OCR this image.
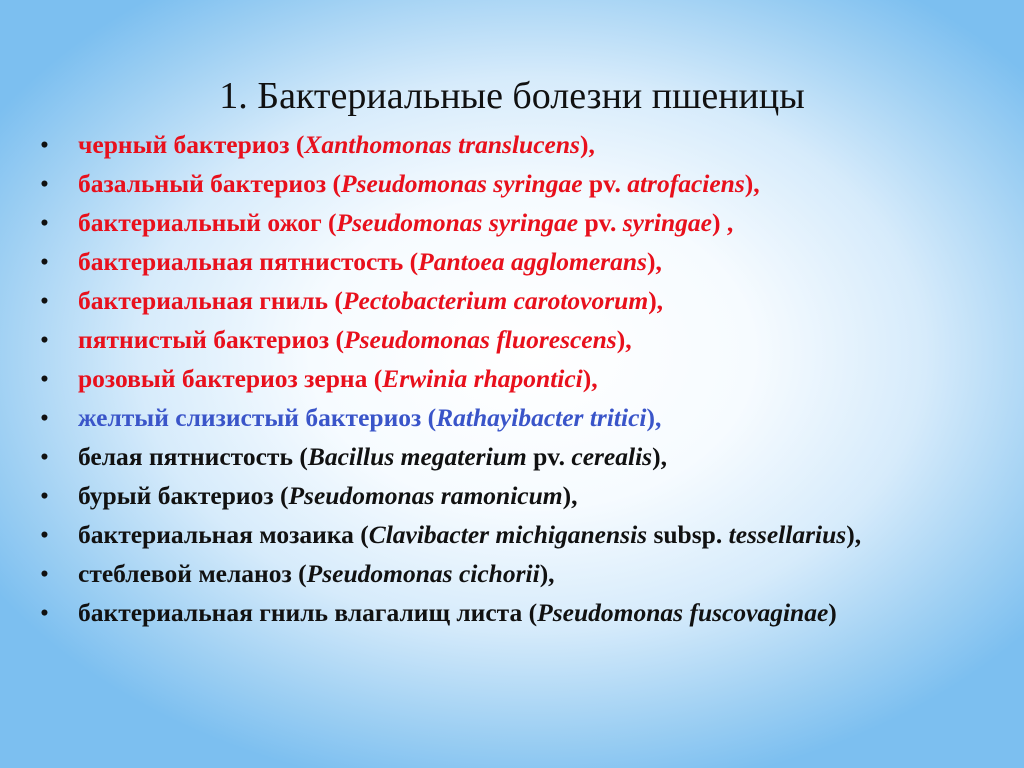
1. Бактериальные болезни пшеницы
• черный бактериоз (Xanthomonas translucens),
• базальный бактериоз (Pseudomonas syringae pv. atrofaciens),
• бактериальный ожог (Pseudomonas syringae pv. syringae) ,
• бактериальная пятнистость (Pantoea agglomerans),
• бактериальная гниль (Pectobacterium carotovorum),
• пятнистый бактериоз (Pseudomonas fluorescens),
• розовый бактериоз зерна (Erwinia rhapontici),
• желтый слизистый бактериоз (Rathayibacter tritici),
• белая пятнистость (Bacillus megaterium pv. cerealis),
• бурый бактериоз (Pseudomonas ramonicum),
• бактериальная мозаика (Clavibacter michiganensis subsp. tessellarius),
• стеблевой меланоз (Pseudomonas cichorii),
• бактериальная гниль влагалищ листа (Pseudomonas fuscovaginae)
